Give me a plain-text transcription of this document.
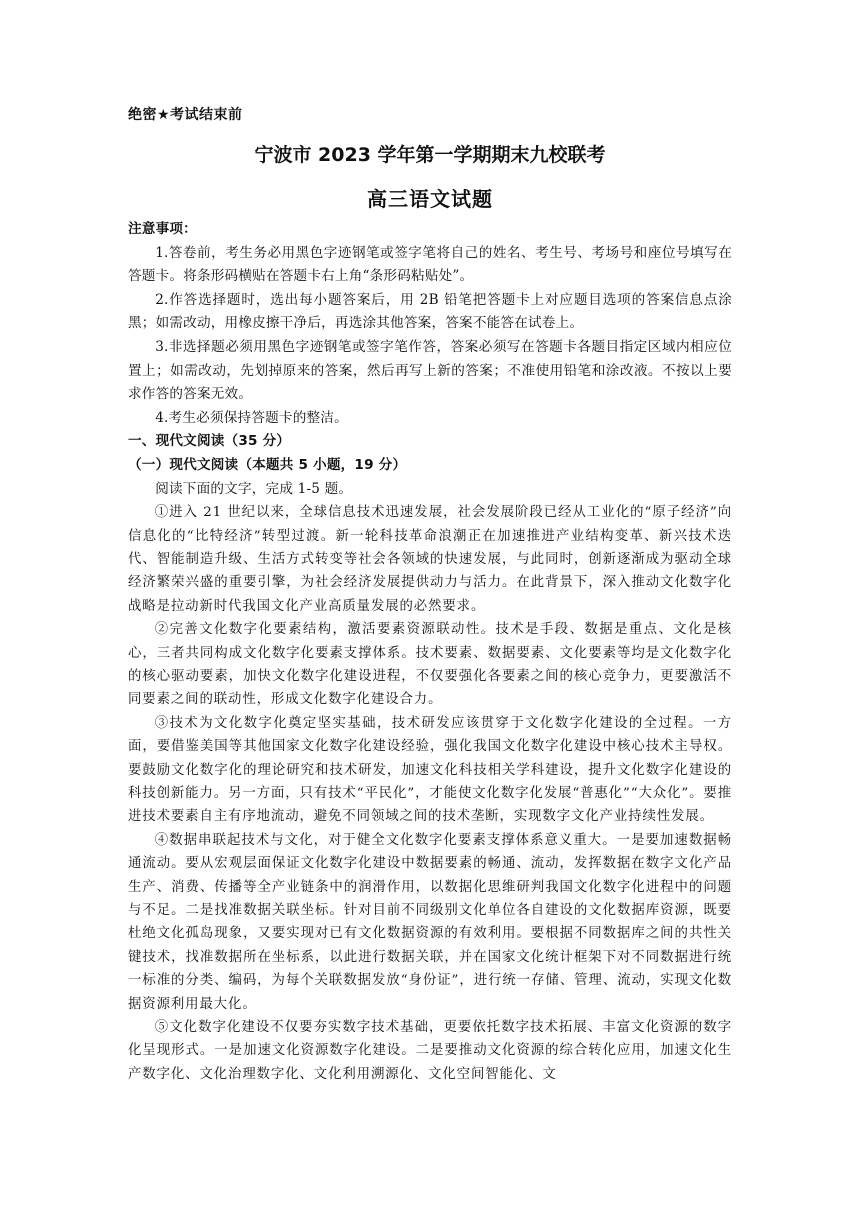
绝密★考试结束前
宁波市 2023 学年第一学期期末九校联考
高三语文试题

注意事项：

1.答卷前，考生务必用黑色字迹钢笔或签字笔将自己的姓名、考生号、考场号和座位号填写在答题卡。将条形码横贴在答题卡右上角“条形码粘贴处”。

2.作答选择题时，选出每小题答案后，用 2B 铅笔把答题卡上对应题目选项的答案信息点涂黑；如需改动，用橡皮擦干净后，再选涂其他答案，答案不能答在试卷上。

3.非选择题必须用黑色字迹钢笔或签字笔作答，答案必须写在答题卡各题目指定区域内相应位置上；如需改动，先划掉原来的答案，然后再写上新的答案；不准使用铅笔和涂改液。不按以上要求作答的答案无效。

4.考生必须保持答题卡的整洁。

一、现代文阅读（35 分）

（一）现代文阅读（本题共 5 小题，19 分）

阅读下面的文字，完成 1-5 题。

①进入 21 世纪以来，全球信息技术迅速发展，社会发展阶段已经从工业化的“原子经济”向信息化的“比特经济”转型过渡。新一轮科技革命浪潮正在加速推进产业结构变革、新兴技术迭代、智能制造升级、生活方式转变等社会各领域的快速发展，与此同时，创新逐渐成为驱动全球经济繁荣兴盛的重要引擎，为社会经济发展提供动力与活力。在此背景下，深入推动文化数字化战略是拉动新时代我国文化产业高质量发展的必然要求。

②完善文化数字化要素结构，激活要素资源联动性。技术是手段、数据是重点、文化是核心，三者共同构成文化数字化要素支撑体系。技术要素、数据要素、文化要素等均是文化数字化的核心驱动要素，加快文化数字化建设进程，不仅要强化各要素之间的核心竞争力，更要激活不同要素之间的联动性，形成文化数字化建设合力。

③技术为文化数字化奠定坚实基础，技术研发应该贯穿于文化数字化建设的全过程。一方面，要借鉴美国等其他国家文化数字化建设经验，强化我国文化数字化建设中核心技术主导权。要鼓励文化数字化的理论研究和技术研发，加速文化科技相关学科建设，提升文化数字化建设的科技创新能力。另一方面，只有技术“平民化”，才能使文化数字化发展“普惠化”“大众化”。要推进技术要素自主有序地流动，避免不同领域之间的技术垄断，实现数字文化产业持续性发展。

④数据串联起技术与文化，对于健全文化数字化要素支撑体系意义重大。一是要加速数据畅通流动。要从宏观层面保证文化数字化建设中数据要素的畅通、流动，发挥数据在数字文化产品生产、消费、传播等全产业链条中的润滑作用，以数据化思维研判我国文化数字化进程中的问题与不足。二是找准数据关联坐标。针对目前不同级别文化单位各自建设的文化数据库资源，既要杜绝文化孤岛现象，又要实现对已有文化数据资源的有效利用。要根据不同数据库之间的共性关键技术，找准数据所在坐标系，以此进行数据关联，并在国家文化统计框架下对不同数据进行统一标准的分类、编码，为每个关联数据发放“身份证”，进行统一存储、管理、流动，实现文化数据资源利用最大化。

⑤文化数字化建设不仅要夯实数字技术基础，更要依托数字技术拓展、丰富文化资源的数字化呈现形式。一是加速文化资源数字化建设。二是要推动文化资源的综合转化应用，加速文化生产数字化、文化治理数字化、文化利用溯源化、文化空间智能化、文
